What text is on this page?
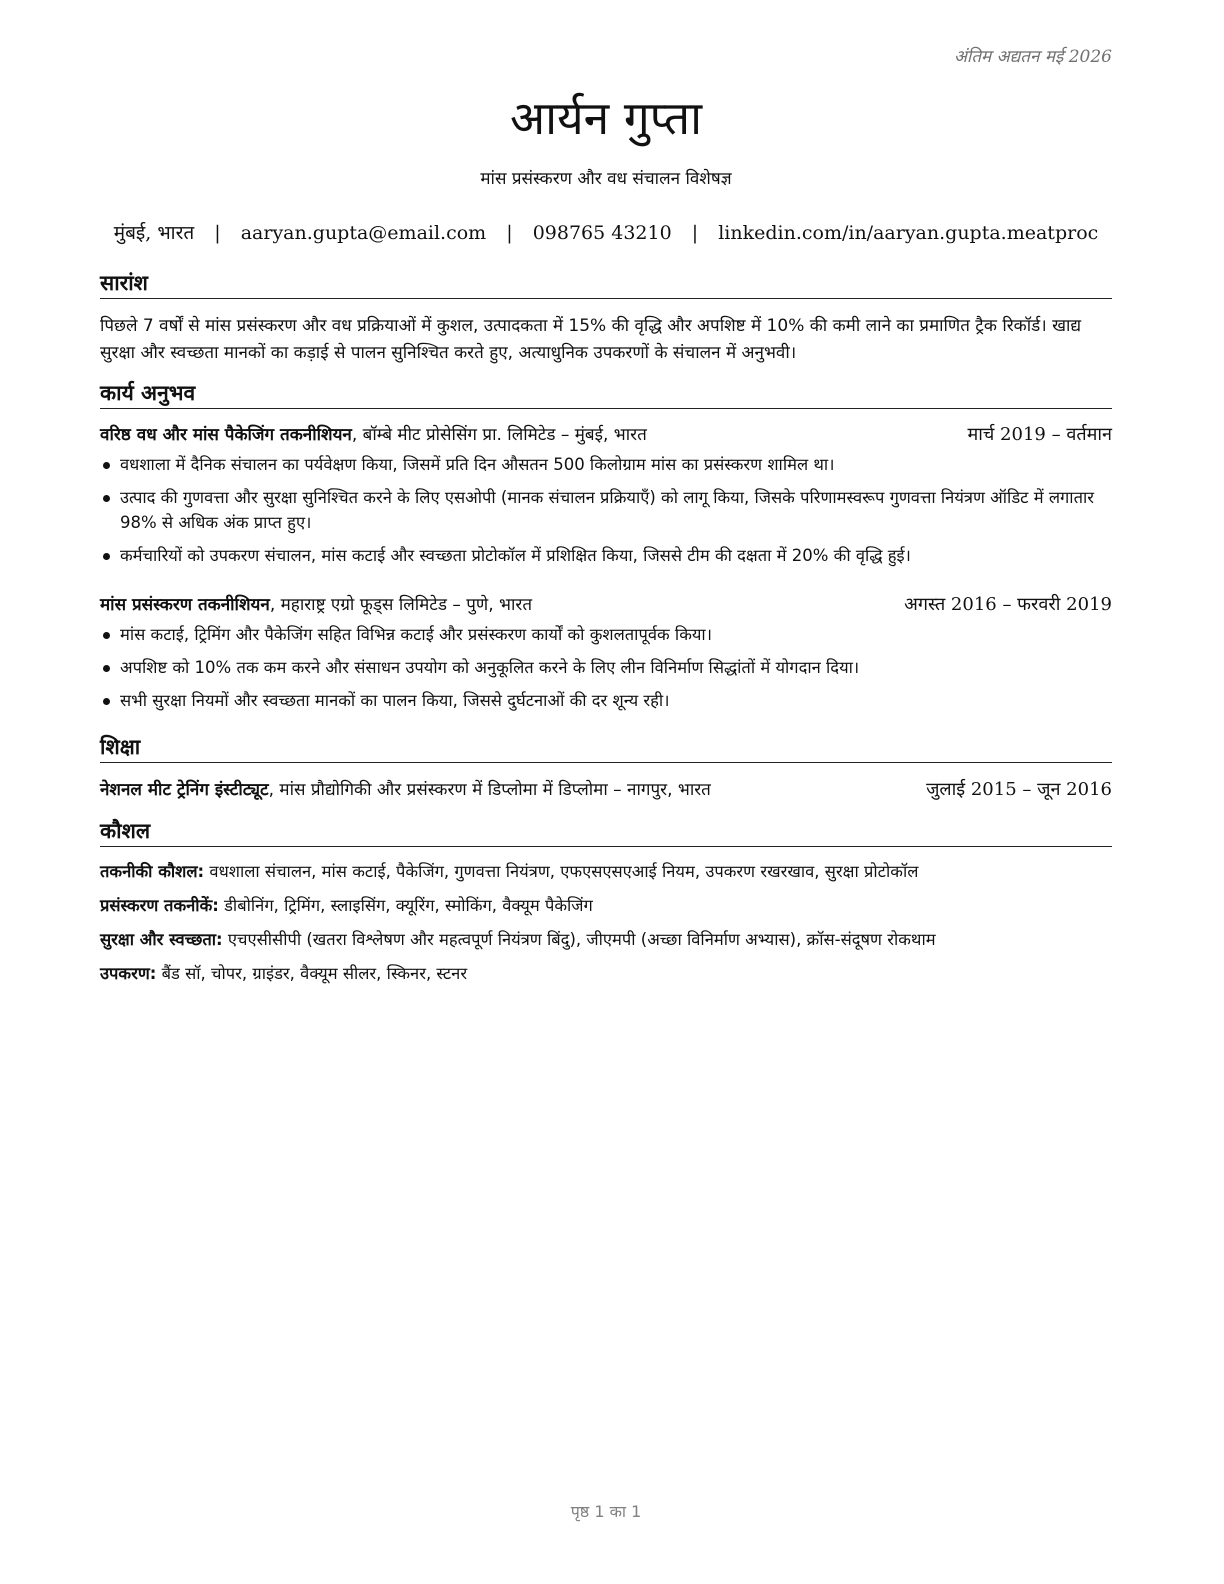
अंतिम अद्यतन मई 2026
आर्यन गुप्ता
मांस प्रसंस्करण और वध संचालन विशेषज्ञ
मुंबई, भारत | aaryan.gupta@email.com | 098765 43210 | linkedin.com/in/aaryan.gupta.meatproc
सारांश
पिछले 7 वर्षों से मांस प्रसंस्करण और वध प्रक्रियाओं में कुशल, उत्पादकता में 15% की वृद्धि और अपशिष्ट में 10% की कमी लाने का प्रमाणित ट्रैक रिकॉर्ड। खाद्य सुरक्षा और स्वच्छता मानकों का कड़ाई से पालन सुनिश्चित करते हुए, अत्याधुनिक उपकरणों के संचालन में अनुभवी।
कार्य अनुभव
वरिष्ठ वध और मांस पैकेजिंग तकनीशियन, बॉम्बे मीट प्रोसेसिंग प्रा. लिमिटेड – मुंबई, भारत	मार्च 2019 – वर्तमान
वधशाला में दैनिक संचालन का पर्यवेक्षण किया, जिसमें प्रति दिन औसतन 500 किलोग्राम मांस का प्रसंस्करण शामिल था।
उत्पाद की गुणवत्ता और सुरक्षा सुनिश्चित करने के लिए एसओपी (मानक संचालन प्रक्रियाएँ) को लागू किया, जिसके परिणामस्वरूप गुणवत्ता नियंत्रण ऑडिट में लगातार 98% से अधिक अंक प्राप्त हुए।
कर्मचारियों को उपकरण संचालन, मांस कटाई और स्वच्छता प्रोटोकॉल में प्रशिक्षित किया, जिससे टीम की दक्षता में 20% की वृद्धि हुई।
मांस प्रसंस्करण तकनीशियन, महाराष्ट्र एग्रो फूड्स लिमिटेड – पुणे, भारत	अगस्त 2016 – फरवरी 2019
मांस कटाई, ट्रिमिंग और पैकेजिंग सहित विभिन्न कटाई और प्रसंस्करण कार्यों को कुशलतापूर्वक किया।
अपशिष्ट को 10% तक कम करने और संसाधन उपयोग को अनुकूलित करने के लिए लीन विनिर्माण सिद्धांतों में योगदान दिया।
सभी सुरक्षा नियमों और स्वच्छता मानकों का पालन किया, जिससे दुर्घटनाओं की दर शून्य रही।
शिक्षा
नेशनल मीट ट्रेनिंग इंस्टीट्यूट, मांस प्रौद्योगिकी और प्रसंस्करण में डिप्लोमा में डिप्लोमा – नागपुर, भारत	जुलाई 2015 – जून 2016
कौशल
तकनीकी कौशल: वधशाला संचालन, मांस कटाई, पैकेजिंग, गुणवत्ता नियंत्रण, एफएसएसएआई नियम, उपकरण रखरखाव, सुरक्षा प्रोटोकॉल
प्रसंस्करण तकनीकें: डीबोनिंग, ट्रिमिंग, स्लाइसिंग, क्यूरिंग, स्मोकिंग, वैक्यूम पैकेजिंग
सुरक्षा और स्वच्छता: एचएसीसीपी (खतरा विश्लेषण और महत्वपूर्ण नियंत्रण बिंदु), जीएमपी (अच्छा विनिर्माण अभ्यास), क्रॉस-संदूषण रोकथाम
उपकरण: बैंड सॉ, चोपर, ग्राइंडर, वैक्यूम सीलर, स्किनर, स्टनर
पृष्ठ 1 का 1
